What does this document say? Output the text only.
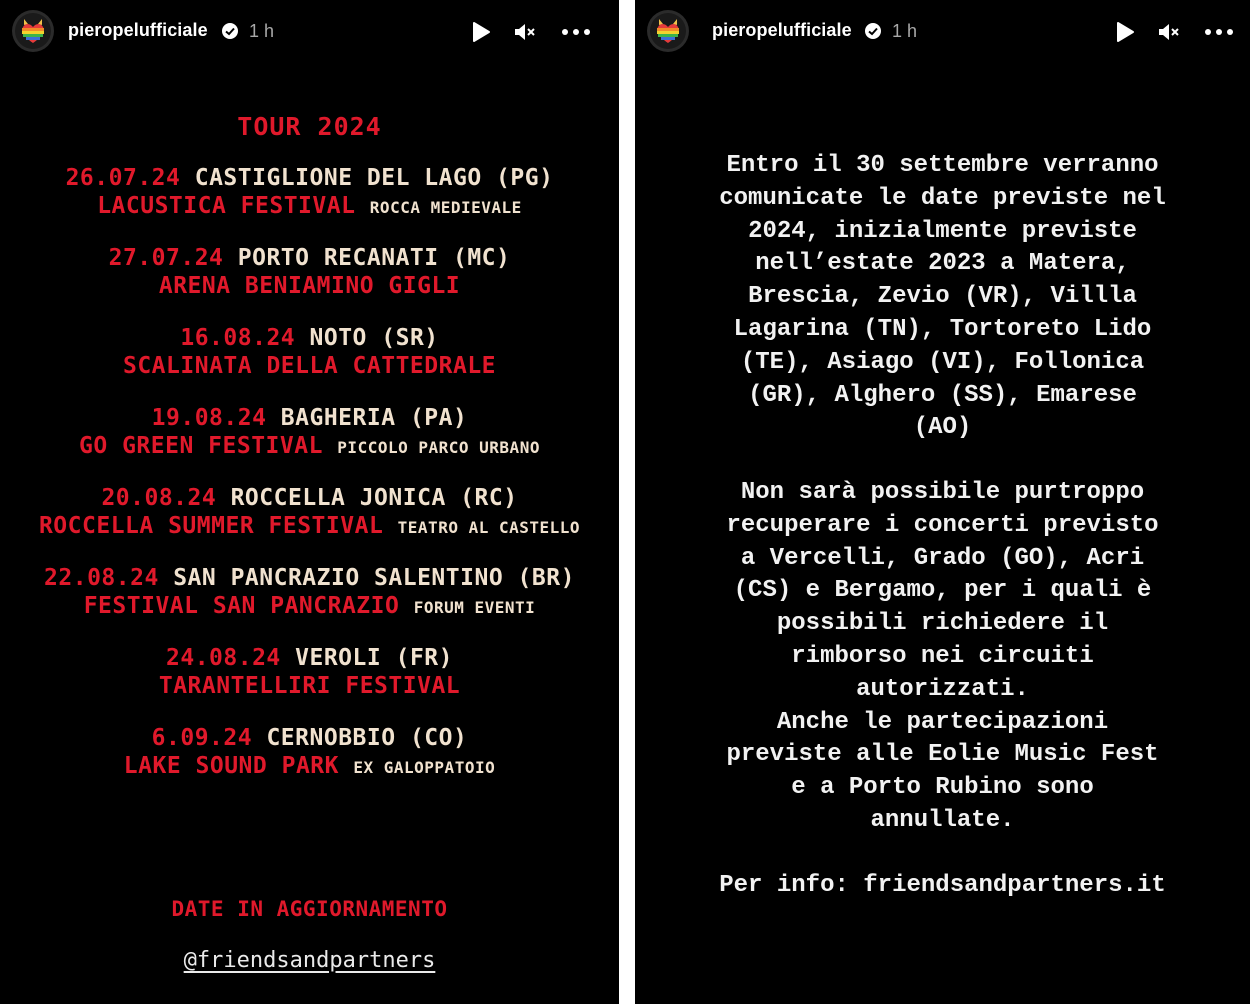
pieropelufficiale 1 h
TOUR 2024
26.07.24 CASTIGLIONE DEL LAGO (PG)
LACUSTICA FESTIVAL ROCCA MEDIEVALE
27.07.24 PORTO RECANATI (MC)
ARENA BENIAMINO GIGLI
16.08.24 NOTO (SR)
SCALINATA DELLA CATTEDRALE
19.08.24 BAGHERIA (PA)
GO GREEN FESTIVAL PICCOLO PARCO URBANO
20.08.24 ROCCELLA JONICA (RC)
ROCCELLA SUMMER FESTIVAL TEATRO AL CASTELLO
22.08.24 SAN PANCRAZIO SALENTINO (BR)
FESTIVAL SAN PANCRAZIO FORUM EVENTI
24.08.24 VEROLI (FR)
TARANTELLIRI FESTIVAL
6.09.24 CERNOBBIO (CO)
LAKE SOUND PARK EX GALOPPATOIO
DATE IN AGGIORNAMENTO
@friendsandpartners
pieropelufficiale 1 h
Entro il 30 settembre verranno
comunicate le date previste nel
2024, inizialmente previste
nell’estate 2023 a Matera,
Brescia, Zevio (VR), Villla
Lagarina (TN), Tortoreto Lido
(TE), Asiago (VI), Follonica
(GR), Alghero (SS), Emarese
(AO)
Non sarà possibile purtroppo
recuperare i concerti previsto
a Vercelli, Grado (GO), Acri
(CS) e Bergamo, per i quali è
possibili richiedere il
rimborso nei circuiti
autorizzati.
Anche le partecipazioni
previste alle Eolie Music Fest
e a Porto Rubino sono
annullate.
Per info: friendsandpartners.it
